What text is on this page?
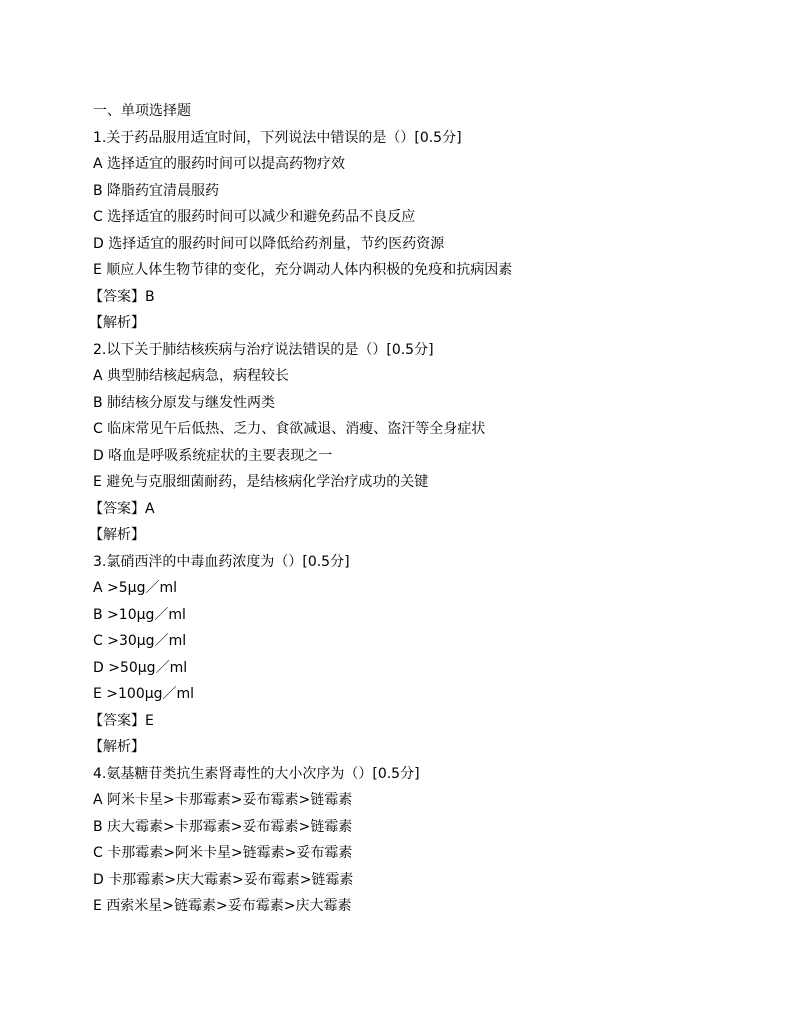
一、单项选择题
1.关于药品服用适宜时间，下列说法中错误的是（）[0.5分]
A 选择适宜的服药时间可以提高药物疗效
B 降脂药宜清晨服药
C 选择适宜的服药时间可以减少和避免药品不良反应
D 选择适宜的服药时间可以降低给药剂量，节约医药资源
E 顺应人体生物节律的变化，充分调动人体内积极的免疫和抗病因素
【答案】B
【解析】
2.以下关于肺结核疾病与治疗说法错误的是（）[0.5分]
A 典型肺结核起病急，病程较长
B 肺结核分原发与继发性两类
C 临床常见午后低热、乏力、食欲减退、消瘦、盗汗等全身症状
D 咯血是呼吸系统症状的主要表现之一
E 避免与克服细菌耐药，是结核病化学治疗成功的关键
【答案】A
【解析】
3.氯硝西泮的中毒血药浓度为（）[0.5分]
A >5μg／ml
B >10μg／ml
C >30μg／ml
D >50μg／ml
E >100μg／ml
【答案】E
【解析】
4.氨基糖苷类抗生素肾毒性的大小次序为（）[0.5分]
A 阿米卡星>卡那霉素>妥布霉素>链霉素
B 庆大霉素>卡那霉素>妥布霉素>链霉素
C 卡那霉素>阿米卡星>链霉素>妥布霉素
D 卡那霉素>庆大霉素>妥布霉素>链霉素
E 西索米星>链霉素>妥布霉素>庆大霉素
